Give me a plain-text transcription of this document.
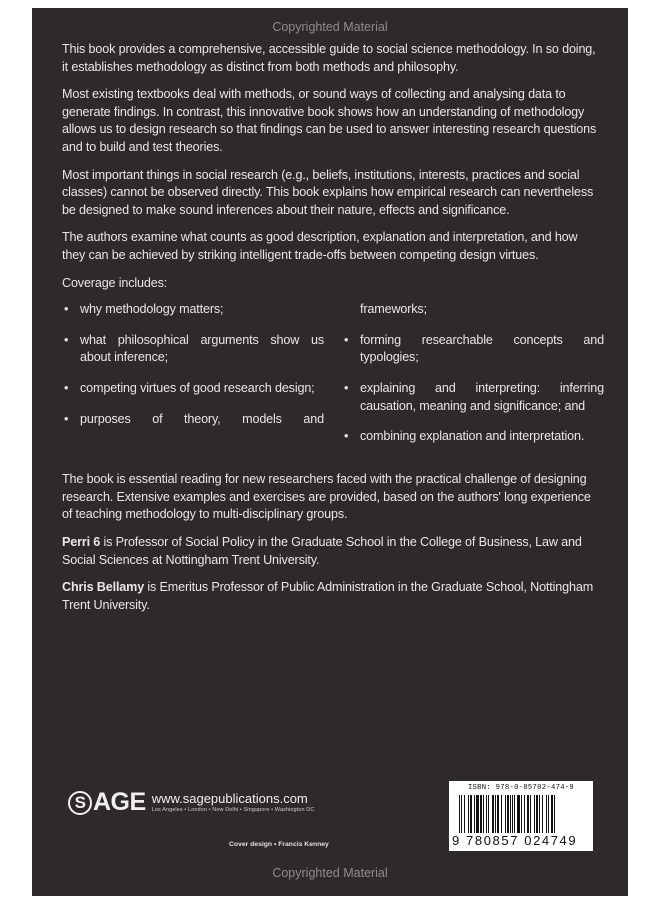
Copyrighted Material

This book provides a comprehensive, accessible guide to social science methodology. In so doing, it establishes methodology as distinct from both methods and philosophy.

Most existing textbooks deal with methods, or sound ways of collecting and analysing data to generate findings. In contrast, this innovative book shows how an understanding of methodology allows us to design research so that findings can be used to answer interesting research questions and to build and test theories.

Most important things in social research (e.g., beliefs, institutions, interests, practices and social classes) cannot be observed directly. This book explains how empirical research can nevertheless be designed to make sound inferences about their nature, effects and significance.

The authors examine what counts as good description, explanation and interpretation, and how they can be achieved by striking intelligent trade-offs between competing design virtues.

Coverage includes:

• why methodology matters;
• what philosophical arguments show us about inference;
• competing virtues of good research design;
• purposes of theory, models and
frameworks;
• forming researchable concepts and typologies;
• explaining and interpreting: inferring causation, meaning and significance; and
• combining explanation and interpretation.

The book is essential reading for new researchers faced with the practical challenge of designing research. Extensive examples and exercises are provided, based on the authors' long experience of teaching methodology to multi-disciplinary groups.

Perri 6 is Professor of Social Policy in the Graduate School in the College of Business, Law and Social Sciences at Nottingham Trent University.

Chris Bellamy is Emeritus Professor of Public Administration in the Graduate School, Nottingham Trent University.

S AGE www.sagepublications.com
Los Angeles • London • New Delhi • Singapore • Washington DC
Cover design • Francis Kenney
ISBN: 978-0-85702-474-9
9 780857 024749
Copyrighted Material
